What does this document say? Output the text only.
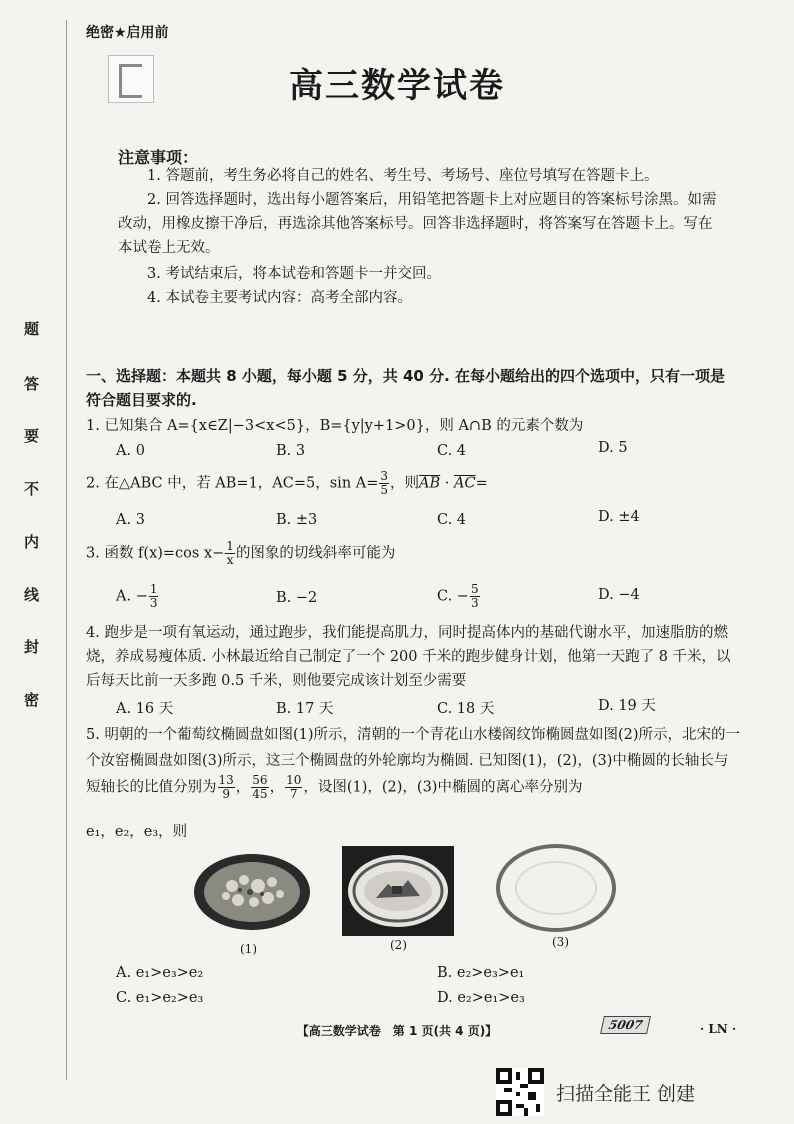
题
答
要
不
内
线
封
密
绝密★启用前
高三数学试卷
注意事项：
1. 答题前，考生务必将自己的姓名、考生号、考场号、座位号填写在答题卡上。
2. 回答选择题时，选出每小题答案后，用铅笔把答题卡上对应题目的答案标号涂黑。如需改动，用橡皮擦干净后，再选涂其他答案标号。回答非选择题时，将答案写在答题卡上。写在本试卷上无效。
3. 考试结束后，将本试卷和答题卡一并交回。
4. 本试卷主要考试内容：高考全部内容。
一、选择题：本题共 8 小题，每小题 5 分，共 40 分. 在每小题给出的四个选项中，只有一项是符合题目要求的.
1. 已知集合 A={x∈Z|−3<x<5}，B={y|y+1>0}，则 A∩B 的元素个数为
A. 0	B. 3	C. 4	D. 5
2. 在△ABC 中，若 AB=1，AC=5，$\sin A= \frac{3}{5}$ ，则$\overline{AB} \cdot \overline{AC}=$
A. 3	B. ±3	C. 4	D. ±4
3. 函数 f(x)=cos $x- \frac{1}{x}$ 的图象的切线斜率可能为
A. − $\frac{1}{3}$	B. −2	C. − $\frac{5}{3}$	D. −4
4. 跑步是一项有氧运动，通过跑步，我们能提高肌力，同时提高体内的基础代谢水平，加速脂肪的燃烧，养成易瘦体质. 小林最近给自己制定了一个 200 千米的跑步健身计划，他第一天跑了 8 千米，以后每天比前一天多跑 0.5 千米，则他要完成该计划至少需要
A. 16 天	B. 17 天	C. 18 天	D. 19 天
5. 明朝的一个葡萄纹椭圆盘如图(1)所示，清朝的一个青花山水楼阁纹饰椭圆盘如图(2)所示，北宋的一个汝窑椭圆盘如图(3)所示，这三个椭圆盘的外轮廓均为椭圆. 已知图(1)，(2)，(3)中椭圆的长轴长与短轴长的比值分别为 $\frac{13}{9}$ ， $\frac{56}{45}$ ， $\frac{10}{7}$ ，设图(1)，(2)，(3)中椭圆的离心率分别为
e₁，e₂，e₃，则
(1)	(2)	(3)
A. e₁>e₃>e₂	B. e₂>e₃>e₁
C. e₁>e₂>e₃	D. e₂>e₁>e₃
【高三数学试卷　第 1 页(共 4 页)】	5007	· LN ·
扫描全能王 创建
